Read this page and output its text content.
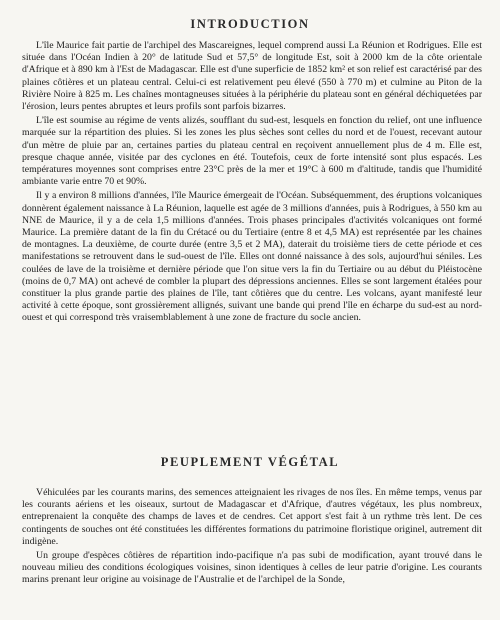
INTRODUCTION

L'île Maurice fait partie de l'archipel des Mascareignes, lequel comprend aussi La Réunion et Rodrigues. Elle est située dans l'Océan Indien à 20° de latitude Sud et 57,5° de longitude Est, soit à 2000 km de la côte orientale d'Afrique et à 890 km à l'Est de Madagascar. Elle est d'une superficie de 1852 km² et son relief est caractérisé par des plaines côtières et un plateau central. Celui-ci est relativement peu élevé (550 à 770 m) et culmine au Piton de la Rivière Noire à 825 m. Les chaînes montagneuses situées à la périphérie du plateau sont en général déchiquetées par l'érosion, leurs pentes abruptes et leurs profils sont parfois bizarres.

L'île est soumise au régime de vents alizés, soufflant du sud-est, lesquels en fonction du relief, ont une influence marquée sur la répartition des pluies. Si les zones les plus sèches sont celles du nord et de l'ouest, recevant autour d'un mètre de pluie par an, certaines parties du plateau central en reçoivent annuellement plus de 4 m. Elle est, presque chaque année, visitée par des cyclones en été. Toutefois, ceux de forte intensité sont plus espacés. Les températures moyennes sont comprises entre 23°C près de la mer et 19°C à 600 m d'altitude, tandis que l'humidité ambiante varie entre 70 et 90%.

Il y a environ 8 millions d'années, l'île Maurice émergeait de l'Océan. Subséquemment, des éruptions volcaniques donnèrent également naissance à La Réunion, laquelle est agée de 3 millions d'années, puis à Rodrigues, à 550 km au NNE de Maurice, il y a de cela 1,5 millions d'années. Trois phases principales d'activités volcaniques ont formé Maurice. La première datant de la fin du Crétacé ou du Tertiaire (entre 8 et 4,5 MA) est représentée par les chaines de montagnes. La deuxième, de courte durée (entre 3,5 et 2 MA), daterait du troisième tiers de cette période et ces manifestations se retrouvent dans le sud-ouest de l'île. Elles ont donné naissance à des sols, aujourd'hui séniles. Les coulées de lave de la troisième et dernière période que l'on situe vers la fin du Tertiaire ou au début du Pléistocène (moins de 0,7 MA) ont achevé de combler la plupart des dépressions anciennes. Elles se sont largement étalées pour constituer la plus grande partie des plaines de l'île, tant côtières que du centre. Les volcans, ayant manifesté leur activité à cette époque, sont grossièrement allignés, suivant une bande qui prend l'île en écharpe du sud-est au nord-ouest et qui correspond très vraisemblablement à une zone de fracture du socle ancien.

PEUPLEMENT VÉGÉTAL

Véhiculées par les courants marins, des semences atteignaient les rivages de nos îles. En même temps, venus par les courants aériens et les oiseaux, surtout de Madagascar et d'Afrique, d'autres végétaux, les plus nombreux, entreprenaient la conquête des champs de laves et de cendres. Cet apport s'est fait à un rythme très lent. De ces contingents de souches ont été constituées les différentes formations du patrimoine floristique originel, autrement dit indigène.

Un groupe d'espèces côtières de répartition indo-pacifique n'a pas subi de modification, ayant trouvé dans le nouveau milieu des conditions écologiques voisines, sinon identiques à celles de leur patrie d'origine. Les courants marins prenant leur origine au voisinage de l'Australie et de l'archipel de la Sonde,
